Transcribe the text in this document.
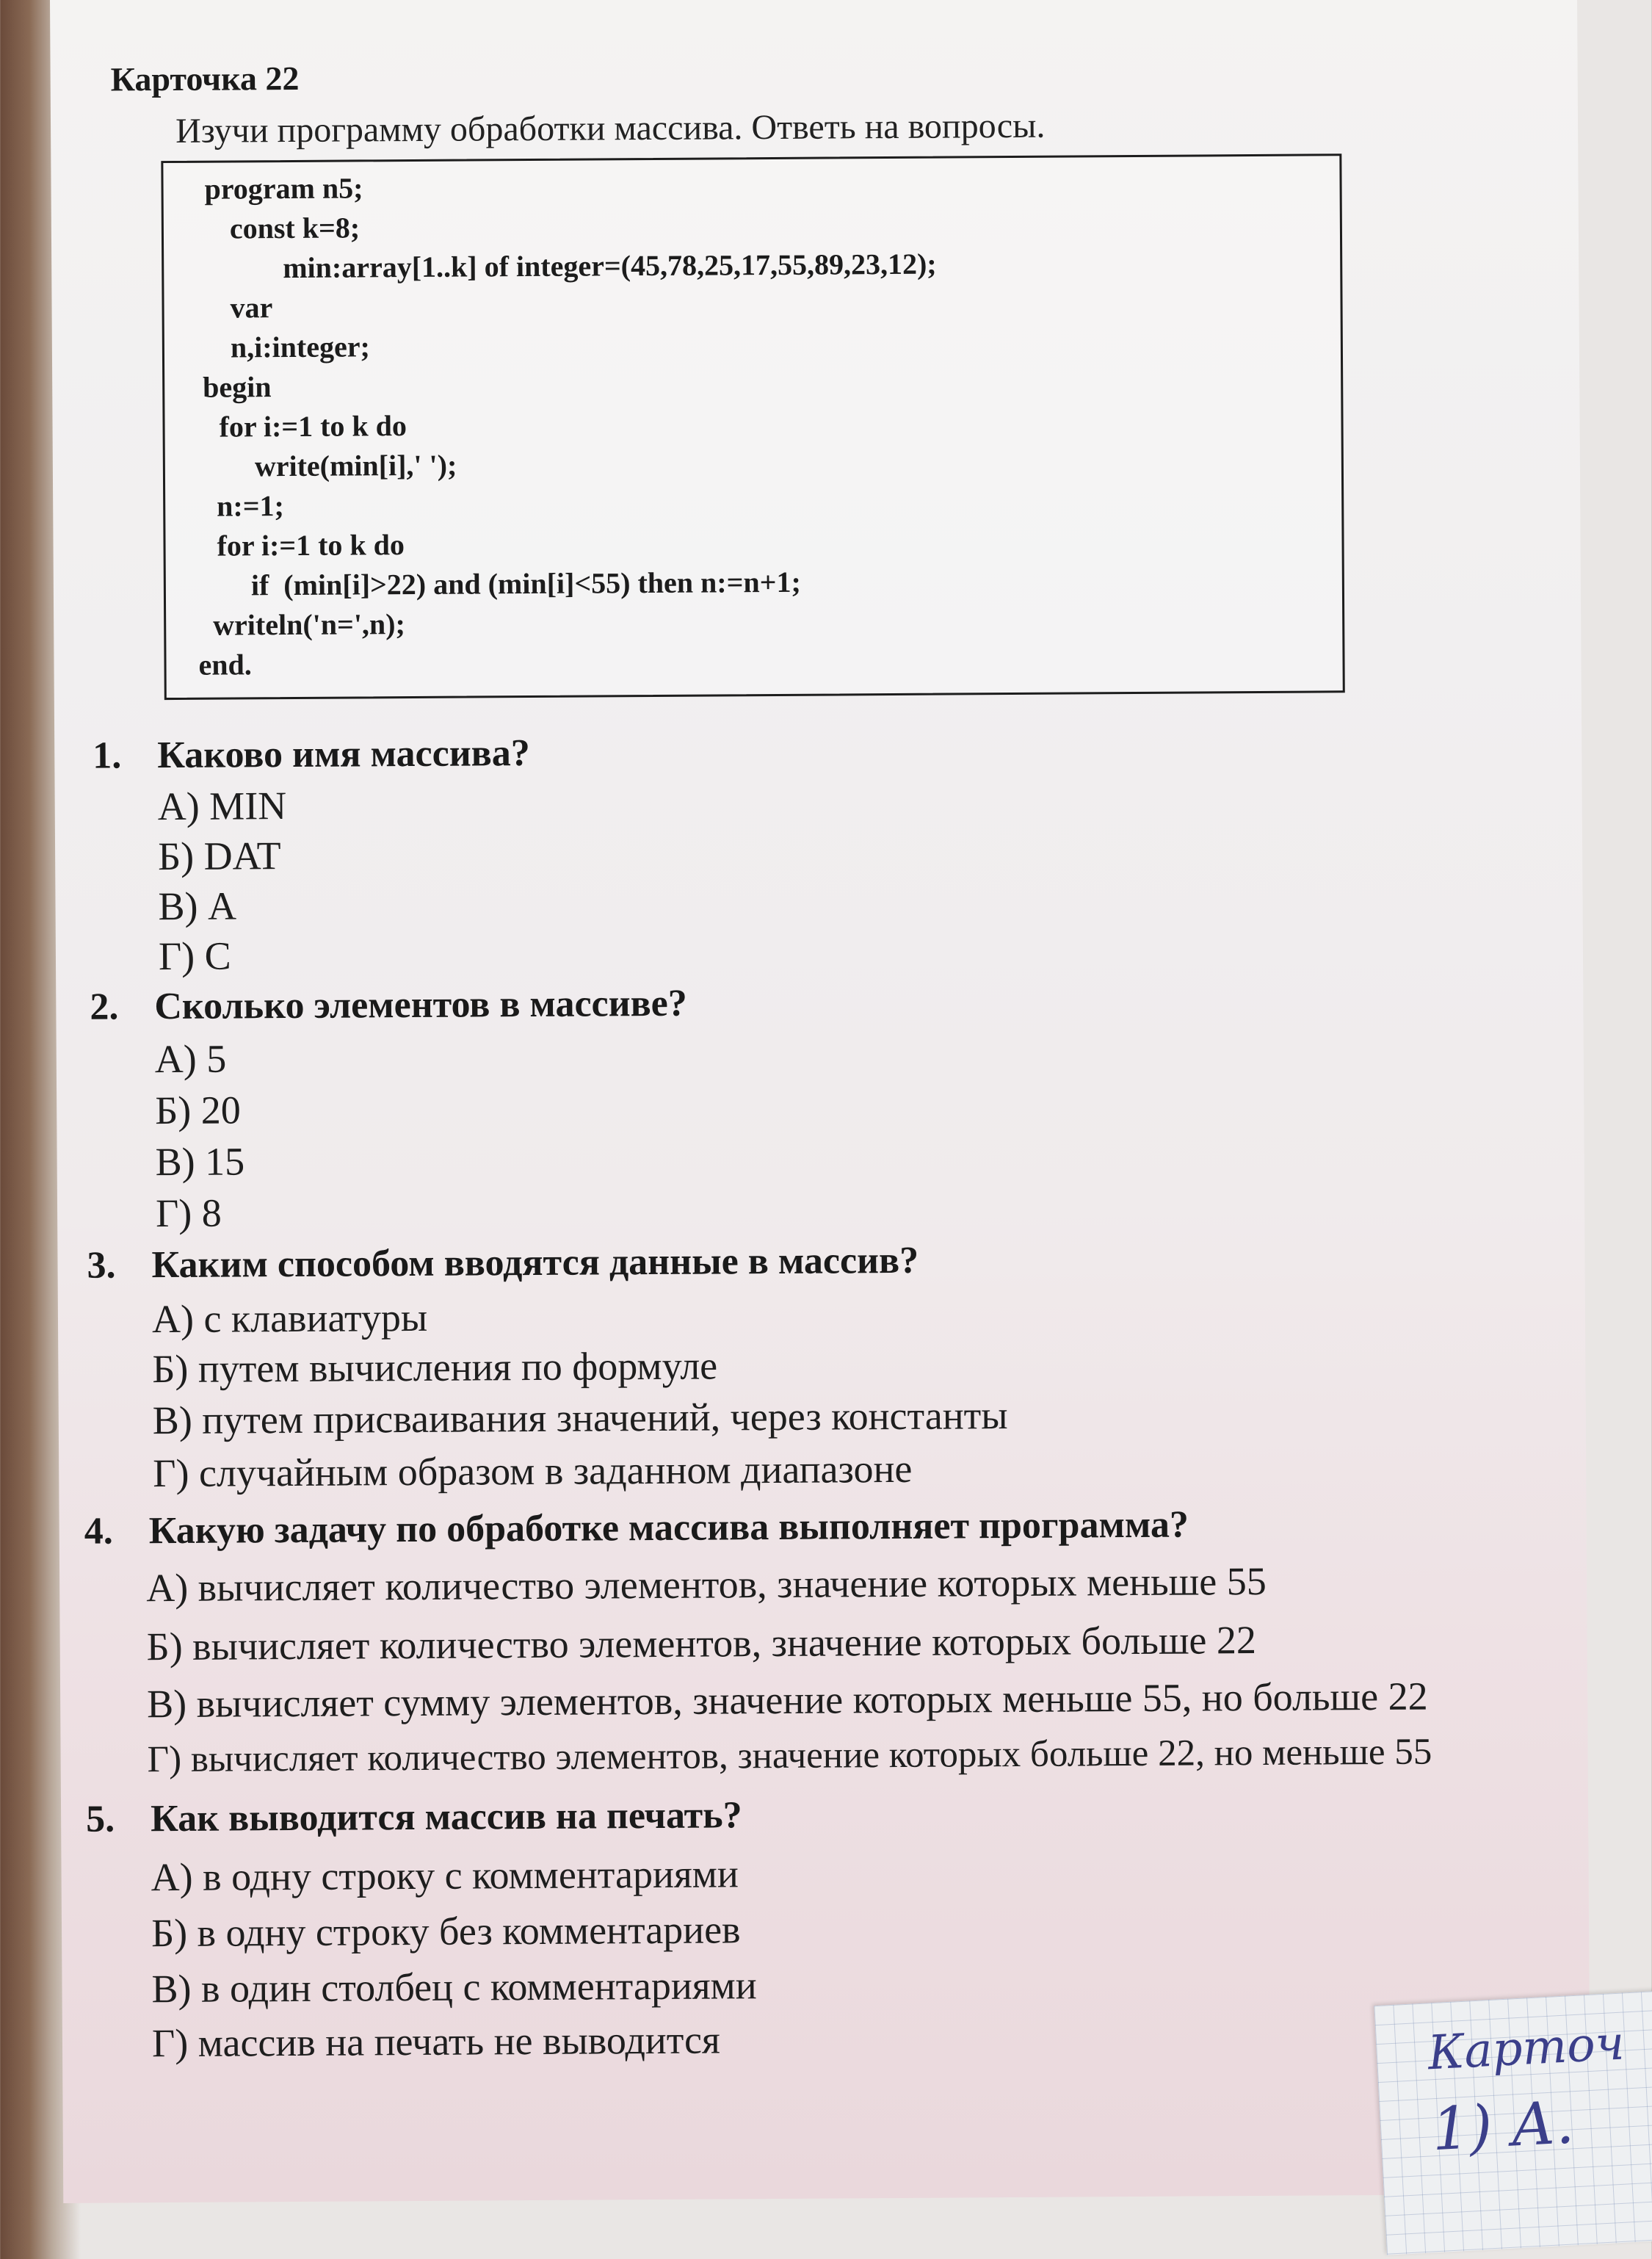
Карточка 22
Изучи программу обработки массива. Ответь на вопросы.
program n5;
const k=8;
min:array[1..k] of integer=(45,78,25,17,55,89,23,12);
var
n,i:integer;
begin
for i:=1 to k do
write(min[i],' ');
n:=1;
for i:=1 to k do
if  (min[i]>22) and (min[i]<55) then n:=n+1;
writeln('n=',n);
end.
1. Каково имя массива?
А) MIN
Б) DAT
В) А
Г) С
2. Сколько элементов в массиве?
А) 5
Б) 20
В) 15
Г) 8
3. Каким способом вводятся данные в массив?
А) с клавиатуры
Б) путем вычисления по формуле
В) путем присваивания значений, через константы
Г) случайным образом в заданном диапазоне
4. Какую задачу по обработке массива выполняет программа?
А) вычисляет количество элементов, значение которых меньше 55
Б) вычисляет количество элементов, значение которых больше 22
В) вычисляет сумму элементов, значение которых меньше 55, но больше 22
Г) вычисляет количество элементов, значение которых больше 22, но меньше 55
5. Как выводится массив на печать?
А) в одну строку с комментариями
Б) в одну строку без комментариев
В) в один столбец с комментариями
Г) массив на печать не выводится	Карточ
1) А.
